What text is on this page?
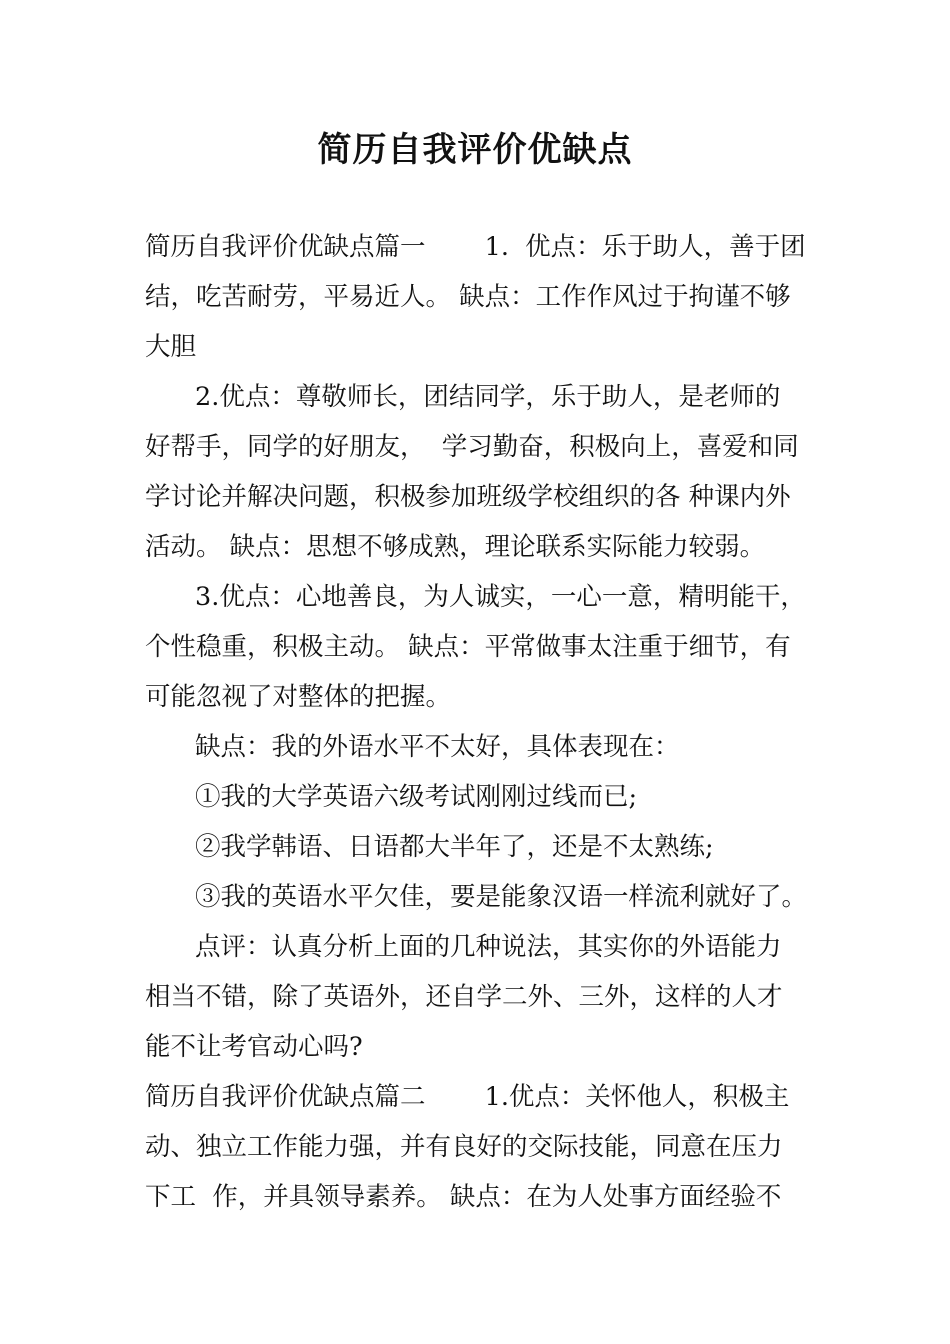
简历自我评价优缺点
简历自我评价优缺点篇一　　 1.  优点：乐于助人，善于团
结，吃苦耐劳，平易近人。 缺点：工作作风过于拘谨不够
大胆
2.优点：尊敬师长，团结同学，乐于助人，是老师的
好帮手，同学的好朋友，  学习勤奋，积极向上，喜爱和同
学讨论并解决问题，积极参加班级学校组织的各 种课内外
活动。 缺点：思想不够成熟，理论联系实际能力较弱。
3.优点：心地善良，为人诚实，一心一意，精明能干，
个性稳重，积极主动。 缺点：平常做事太注重于细节，有
可能忽视了对整体的把握。
缺点：我的外语水平不太好，具体表现在：
①我的大学英语六级考试刚刚过线而已;
②我学韩语、日语都大半年了，还是不太熟练;
③我的英语水平欠佳，要是能象汉语一样流利就好了。
点评：认真分析上面的几种说法，其实你的外语能力
相当不错，除了英语外，还自学二外、三外，这样的人才
能不让考官动心吗?
简历自我评价优缺点篇二　　 1.优点：关怀他人，积极主
动、独立工作能力强，并有良好的交际技能，同意在压力
下工  作，并具领导素养。 缺点：在为人处事方面经验不
